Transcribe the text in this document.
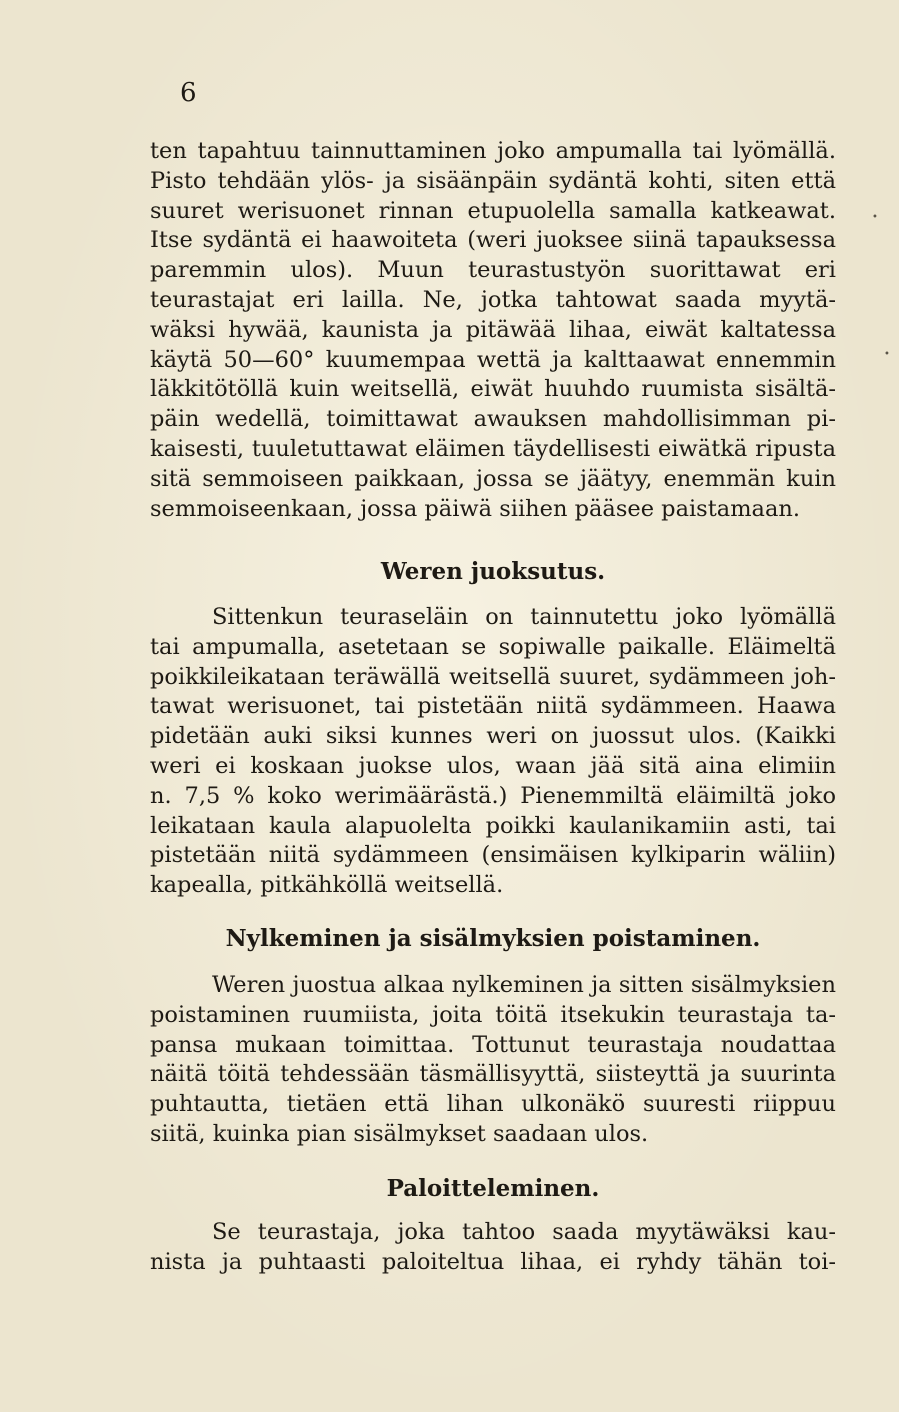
6
•
•
ten tapahtuu tainnuttaminen joko ampumalla tai lyömällä.
Pisto tehdään ylös- ja sisäänpäin sydäntä kohti, siten että
suuret werisuonet rinnan etupuolella samalla katkeawat.
Itse sydäntä ei haawoiteta (weri juoksee siinä tapauksessa
paremmin ulos). Muun teurastustyön suorittawat eri
teurastajat eri lailla. Ne, jotka tahtowat saada myytä-
wäksi hywää, kaunista ja pitäwää lihaa, eiwät kaltatessa
käytä 50—60° kuumempaa wettä ja kalttaawat ennemmin
läkkitötöllä kuin weitsellä, eiwät huuhdo ruumista sisältä-
päin wedellä, toimittawat awauksen mahdollisimman pi-
kaisesti, tuuletuttawat eläimen täydellisesti eiwätkä ripusta
sitä semmoiseen paikkaan, jossa se jäätyy, enemmän kuin
semmoiseenkaan, jossa päiwä siihen pääsee paistamaan.
Weren juoksutus.
Sittenkun teuraseläin on tainnutettu joko lyömällä
tai ampumalla, asetetaan se sopiwalle paikalle. Eläimeltä
poikkileikataan teräwällä weitsellä suuret, sydämmeen joh-
tawat werisuonet, tai pistetään niitä sydämmeen. Haawa
pidetään auki siksi kunnes weri on juossut ulos. (Kaikki
weri ei koskaan juokse ulos, waan jää sitä aina elimiin
n. 7,5 % koko werimäärästä.) Pienemmiltä eläimiltä joko
leikataan kaula alapuolelta poikki kaulanikamiin asti, tai
pistetään niitä sydämmeen (ensimäisen kylkiparin wäliin)
kapealla, pitkähköllä weitsellä.
Nylkeminen ja sisälmyksien poistaminen.
Weren juostua alkaa nylkeminen ja sitten sisälmyksien
poistaminen ruumiista, joita töitä itsekukin teurastaja ta-
pansa mukaan toimittaa. Tottunut teurastaja noudattaa
näitä töitä tehdessään täsmällisyyttä, siisteyttä ja suurinta
puhtautta, tietäen että lihan ulkonäkö suuresti riippuu
siitä, kuinka pian sisälmykset saadaan ulos.
Paloitteleminen.
Se teurastaja, joka tahtoo saada myytäwäksi kau-
nista ja puhtaasti paloiteltua lihaa, ei ryhdy tähän toi-
